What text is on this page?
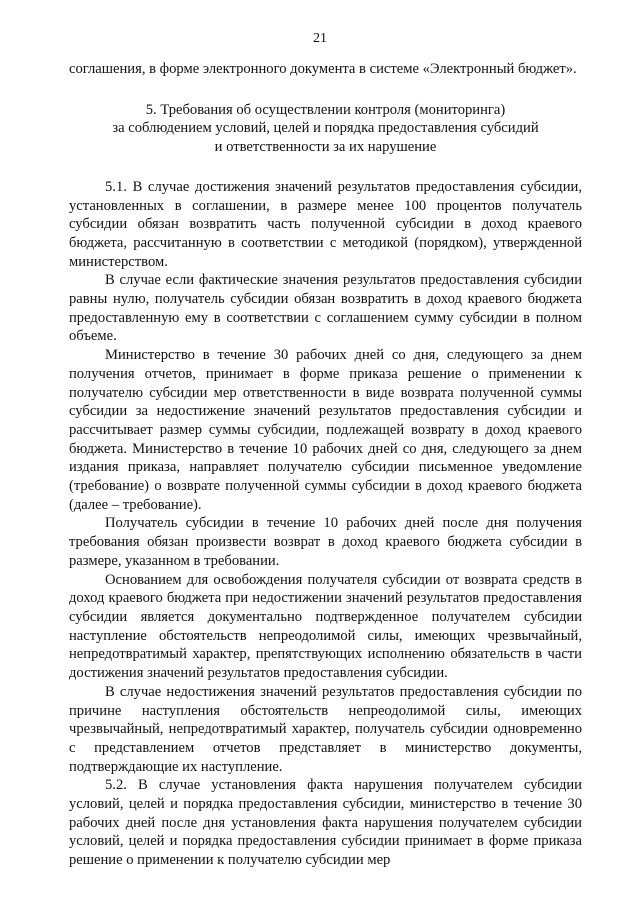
21

соглашения, в форме электронного документа в системе «Электронный бюджет».

5. Требования об осуществлении контроля (мониторинга)
за соблюдением условий, целей и порядка предоставления субсидий
и ответственности за их нарушение

5.1. В случае достижения значений результатов предоставления субсидии, установленных в соглашении, в размере менее 100 процентов получатель субсидии обязан возвратить часть полученной субсидии в доход краевого бюджета, рассчитанную в соответствии с методикой (порядком), утвержденной министерством.

В случае если фактические значения результатов предоставления субсидии равны нулю, получатель субсидии обязан возвратить в доход краевого бюджета предоставленную ему в соответствии с соглашением сумму субсидии в полном объеме.

Министерство в течение 30 рабочих дней со дня, следующего за днем получения отчетов, принимает в форме приказа решение о применении к получателю субсидии мер ответственности в виде возврата полученной суммы субсидии за недостижение значений результатов предоставления субсидии и рассчитывает размер суммы субсидии, подлежащей возврату в доход краевого бюджета. Министерство в течение 10 рабочих дней со дня, следующего за днем издания приказа, направляет получателю субсидии письменное уведомление (требование) о возврате полученной суммы субсидии в доход краевого бюджета (далее – требование).

Получатель субсидии в течение 10 рабочих дней после дня получения требования обязан произвести возврат в доход краевого бюджета субсидии в размере, указанном в требовании.

Основанием для освобождения получателя субсидии от возврата средств в доход краевого бюджета при недостижении значений результатов предоставления субсидии является документально подтвержденное получателем субсидии наступление обстоятельств непреодолимой силы, имеющих чрезвычайный, непредотвратимый характер, препятствующих исполнению обязательств в части достижения значений результатов предоставления субсидии.

В случае недостижения значений результатов предоставления субсидии по причине наступления обстоятельств непреодолимой силы, имеющих чрезвычайный, непредотвратимый характер, получатель субсидии одновременно с представлением отчетов представляет в министерство документы, подтверждающие их наступление.

5.2. В случае установления факта нарушения получателем субсидии условий, целей и порядка предоставления субсидии, министерство в течение 30 рабочих дней после дня установления факта нарушения получателем субсидии условий, целей и порядка предоставления субсидии принимает в форме приказа решение о применении к получателю субсидии мер
